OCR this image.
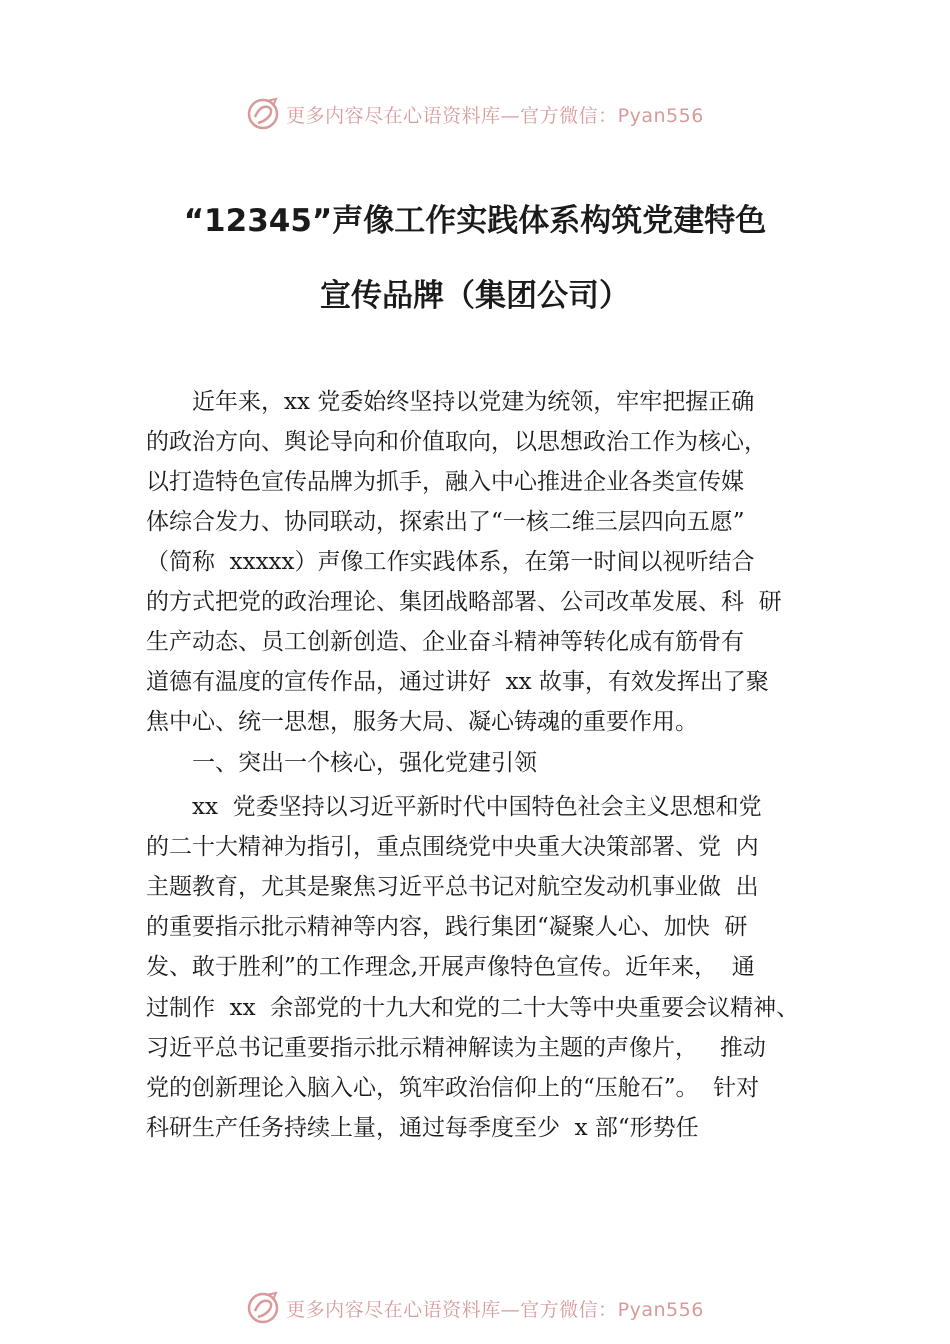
更多内容尽在心语资料库—官方微信：Pyan556
“12345”声像工作实践体系构筑党建特色
宣传品牌（集团公司）
　　近年来，xx 党委始终坚持以党建为统领，牢牢把握正确
的政治方向、舆论导向和价值取向，以思想政治工作为核心，
以打造特色宣传品牌为抓手，融入中心推进企业各类宣传媒
体综合发力、协同联动，探索出了“一核二维三层四向五愿”
（简称  xxxxx）声像工作实践体系，在第一时间以视听结合
的方式把党的政治理论、集团战略部署、公司改革发展、科  研
生产动态、员工创新创造、企业奋斗精神等转化成有筋骨有
道德有温度的宣传作品，通过讲好  xx 故事，有效发挥出了聚
焦中心、统一思想，服务大局、凝心铸魂的重要作用。
　　一、突出一个核心，强化党建引领
　　xx  党委坚持以习近平新时代中国特色社会主义思想和党
的二十大精神为指引，重点围绕党中央重大决策部署、党  内
主题教育，尤其是聚焦习近平总书记对航空发动机事业做  出
的重要指示批示精神等内容，践行集团“凝聚人心、加快  研
发、敢于胜利”的工作理念,开展声像特色宣传。近年来，  通
过制作  xx  余部党的十九大和党的二十大等中央重要会议精神、
习近平总书记重要指示批示精神解读为主题的声像片，   推动
党的创新理论入脑入心，筑牢政治信仰上的“压舱石”。  针对
科研生产任务持续上量，通过每季度至少  x 部“形势任
更多内容尽在心语资料库—官方微信：Pyan556
